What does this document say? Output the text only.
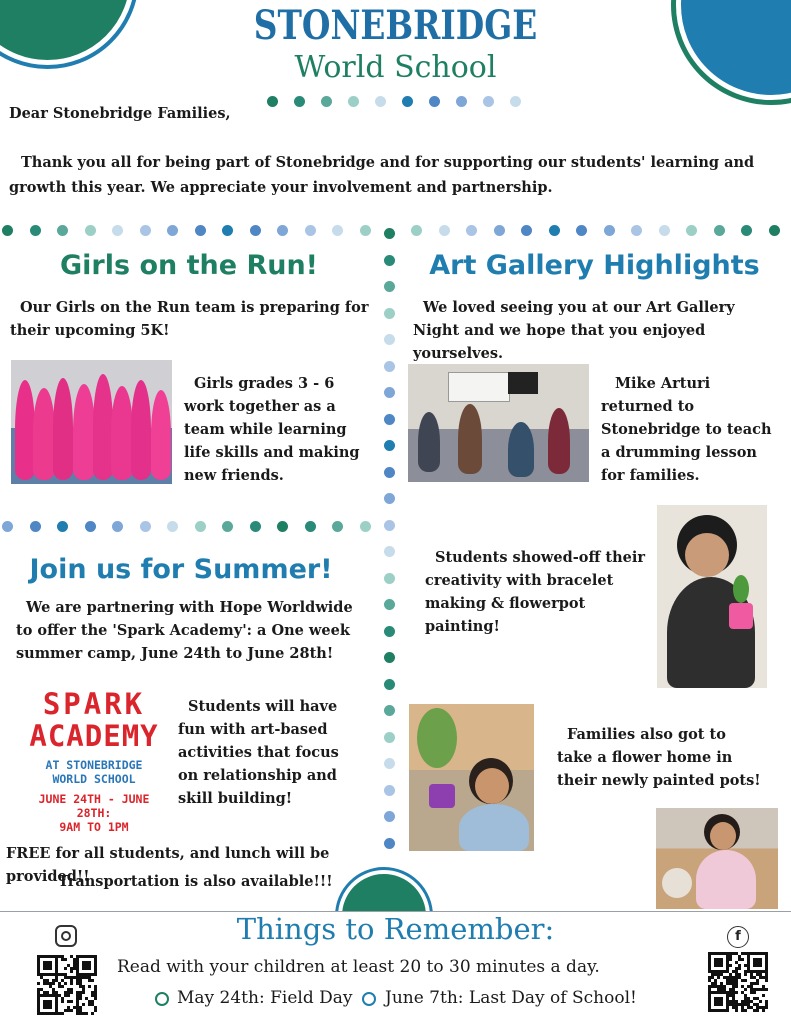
STONEBRIDGE
World School
Dear Stonebridge Families,
Thank you all for being part of Stonebridge and for supporting our students' learning and growth this year. We appreciate your involvement and partnership.
Girls on the Run!
Our Girls on the Run team is preparing for their upcoming 5K!
Girls grades 3 - 6 work together as a team while learning life skills and making new friends.
Art Gallery Highlights
We loved seeing you at our Art Gallery Night and we hope that you enjoyed yourselves.
Mike Arturi returned to Stonebridge to teach a drumming lesson for families.
Students showed-off their creativity with bracelet making & flowerpot painting!
Families also got to take a flower home in their newly painted pots!
Join us for Summer!
We are partnering with Hope Worldwide to offer the 'Spark Academy': a One week summer camp, June 24th to June 28th!
SPARK
ACADEMY
AT STONEBRIDGE
WORLD SCHOOL
JUNE 24TH - JUNE 28TH:
9AM TO 1PM
Students will have fun with art-based activities that focus on relationship and skill building!
FREE for all students, and lunch will be provided!!
Transportation is also available!!!
Things to Remember:
Read with your children at least 20 to 30 minutes a day.
May 24th: Field Day June 7th: Last Day of School!
f
